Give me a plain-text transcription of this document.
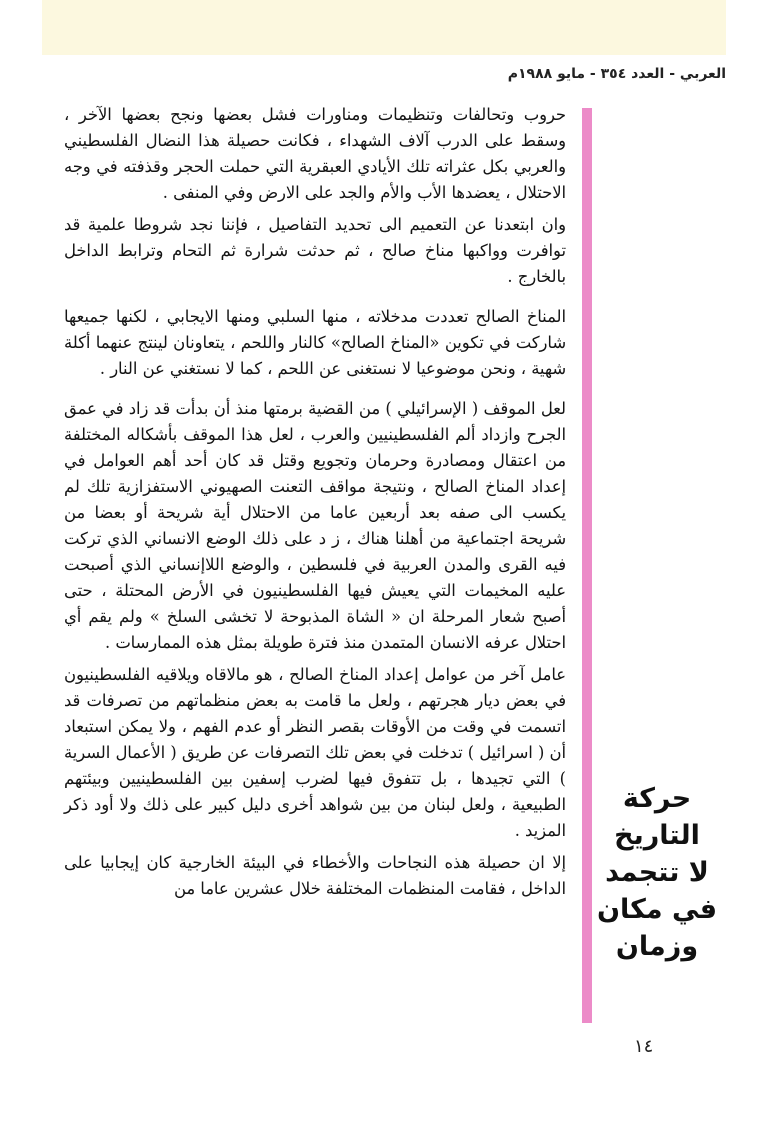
العربي - العدد ٣٥٤ - مايو ١٩٨٨م

حروب وتحالفات وتنظيمات ومناورات فشل بعضها ونجح بعضها الآخر ، وسقط على الدرب آلاف الشهداء ، فكانت حصيلة هذا النضال الفلسطيني والعربي بكل عثراته تلك الأيادي العبقرية التي حملت الحجر وقذفته في وجه الاحتلال ، يعضدها الأب والأم والجد على الارض وفي المنفى .

وان ابتعدنا عن التعميم الى تحديد التفاصيل ، فإننا نجد شروطا علمية قد توافرت وواكبها مناخ صالح ، ثم حدثت شرارة ثم التحام وترابط الداخل بالخارج .

المناخ الصالح تعددت مدخلاته ، منها السلبي ومنها الايجابي ، لكنها جميعها شاركت في تكوين «المناخ الصالح» كالنار واللحم ، يتعاونان لينتج عنهما أكلة شهية ، ونحن موضوعيا لا نستغنى عن اللحم ، كما لا نستغني عن النار .

لعل الموقف ( الإسرائيلي ) من القضية برمتها منذ أن بدأت قد زاد في عمق الجرح وازداد ألم الفلسطينيين والعرب ، لعل هذا الموقف بأشكاله المختلفة من اعتقال ومصادرة وحرمان وتجويع وقتل قد كان أحد أهم العوامل في إعداد المناخ الصالح ، ونتيجة مواقف التعنت الصهيوني الاستفزازية تلك لم يكسب الى صفه بعد أربعين عاما من الاحتلال أية شريحة أو بعضا من شريحة اجتماعية من أهلنا هناك ، ز د على ذلك الوضع الانساني الذي تركت فيه القرى والمدن العربية في فلسطين ، والوضع اللاإنساني الذي أصبحت عليه المخيمات التي يعيش فيها الفلسطينيون في الأرض المحتلة ، حتى أصبح شعار المرحلة ان « الشاة المذبوحة لا تخشى السلخ » ولم يقم أي احتلال عرفه الانسان المتمدن منذ فترة طويلة بمثل هذه الممارسات .

عامل آخر من عوامل إعداد المناخ الصالح ، هو مالاقاه ويلاقيه الفلسطينيون في بعض ديار هجرتهم ، ولعل ما قامت به بعض منظماتهم من تصرفات قد اتسمت في وقت من الأوقات بقصر النظر أو عدم الفهم ، ولا يمكن استبعاد أن ( اسرائيل ) تدخلت في بعض تلك التصرفات عن طريق ( الأعمال السرية ) التي تجيدها ، بل تتفوق فيها لضرب إسفين بين الفلسطينيين وبيئتهم الطبيعية ، ولعل لبنان من بين شواهد أخرى دليل كبير على ذلك ولا أود ذكر المزيد .

إلا ان حصيلة هذه النجاحات والأخطاء في البيئة الخارجية كان إيجابيا على الداخل ، فقامت المنظمات المختلفة خلال عشرين عاما من

حركة
التاريخ
لا تتجمد
في مكان
وزمان
١٤
